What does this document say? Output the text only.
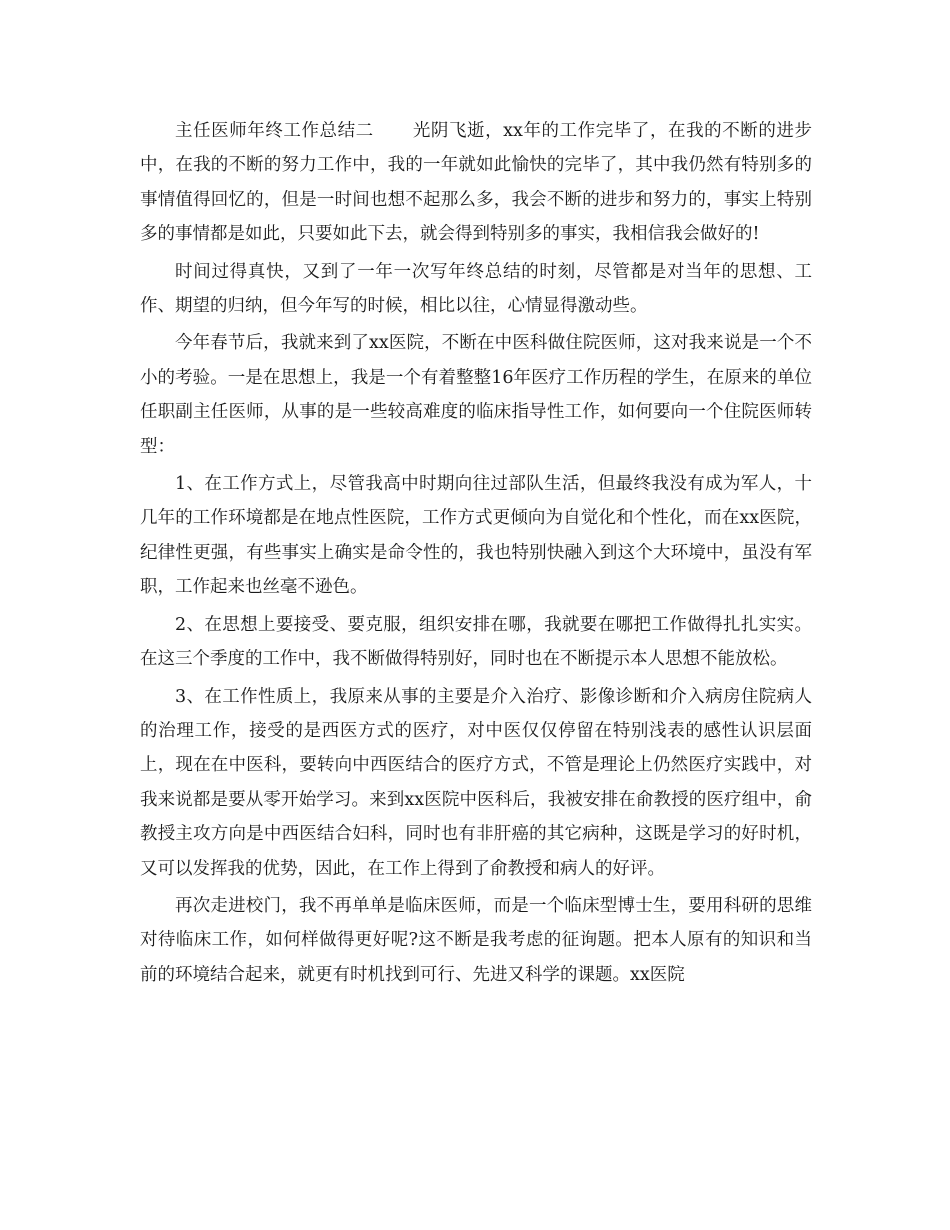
主任医师年终工作总结二 光阴飞逝，xx年的工作完毕了，在我的不断的进步中，在我的不断的努力工作中，我的一年就如此愉快的完毕了，其中我仍然有特别多的事情值得回忆的，但是一时间也想不起那么多，我会不断的进步和努力的，事实上特别多的事情都是如此，只要如此下去，就会得到特别多的事实，我相信我会做好的!

时间过得真快，又到了一年一次写年终总结的时刻，尽管都是对当年的思想、工作、期望的归纳，但今年写的时候，相比以往，心情显得激动些。

今年春节后，我就来到了xx医院，不断在中医科做住院医师，这对我来说是一个不小的考验。一是在思想上，我是一个有着整整16年医疗工作历程的学生，在原来的单位任职副主任医师，从事的是一些较高难度的临床指导性工作，如何要向一个住院医师转型：

1、在工作方式上，尽管我高中时期向往过部队生活，但最终我没有成为军人，十几年的工作环境都是在地点性医院，工作方式更倾向为自觉化和个性化，而在xx医院，纪律性更强，有些事实上确实是命令性的，我也特别快融入到这个大环境中，虽没有军职，工作起来也丝毫不逊色。

2、在思想上要接受、要克服，组织安排在哪，我就要在哪把工作做得扎扎实实。在这三个季度的工作中，我不断做得特别好，同时也在不断提示本人思想不能放松。

3、在工作性质上，我原来从事的主要是介入治疗、影像诊断和介入病房住院病人的治理工作，接受的是西医方式的医疗，对中医仅仅停留在特别浅表的感性认识层面上，现在在中医科，要转向中西医结合的医疗方式，不管是理论上仍然医疗实践中，对我来说都是要从零开始学习。来到xx医院中医科后，我被安排在俞教授的医疗组中，俞教授主攻方向是中西医结合妇科，同时也有非肝癌的其它病种，这既是学习的好时机，又可以发挥我的优势，因此，在工作上得到了俞教授和病人的好评。

再次走进校门，我不再单单是临床医师，而是一个临床型博士生，要用科研的思维对待临床工作，如何样做得更好呢?这不断是我考虑的征询题。把本人原有的知识和当前的环境结合起来，就更有时机找到可行、先进又科学的课题。xx医院
